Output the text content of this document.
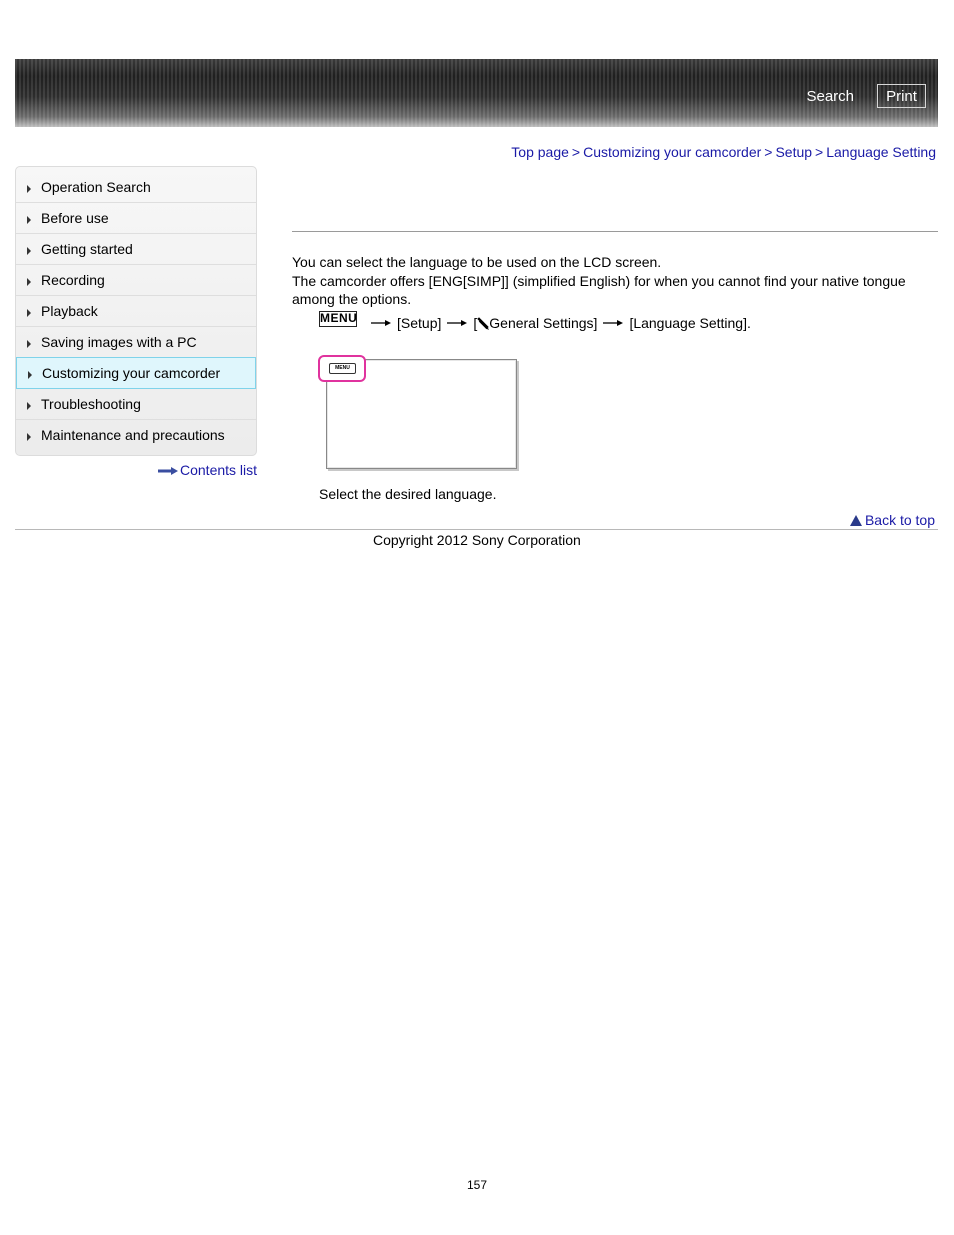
Search	Print
Top page > Customizing your camcorder > Setup > Language Setting
Operation Search
Before use
Getting started
Recording
Playback
Saving images with a PC
Customizing your camcorder
Troubleshooting
Maintenance and precautions
Contents list

You can select the language to be used on the LCD screen.

The camcorder offers [ENG[SIMP]] (simplified English) for when you cannot find your native tongue among the options.

MENU	[Setup] [ General Settings] [Language Setting].
MENU
Select the desired language.
Back to top
Copyright 2012 Sony Corporation
157
